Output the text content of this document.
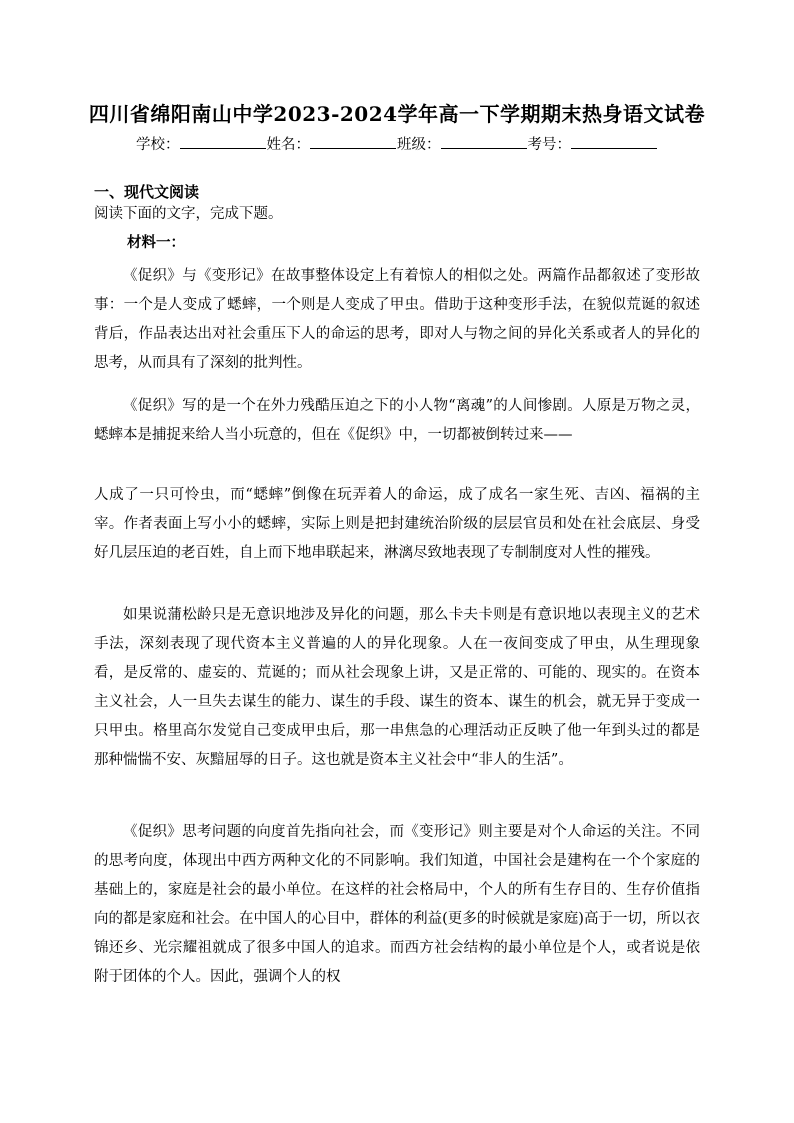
四川省绵阳南山中学2023-2024学年高一下学期期末热身语文试卷
学校：	姓名：	班级：	考号：
一、现代文阅读
阅读下面的文字，完成下题。
材料一：
《促织》与《变形记》在故事整体设定上有着惊人的相似之处。两篇作品都叙述了变形故事：一个是人变成了蟋蟀，一个则是人变成了甲虫。借助于这种变形手法，在貌似荒诞的叙述背后，作品表达出对社会重压下人的命运的思考，即对人与物之间的异化关系或者人的异化的思考，从而具有了深刻的批判性。
《促织》写的是一个在外力残酷压迫之下的小人物“离魂”的人间惨剧。人原是万物之灵，蟋蟀本是捕捉来给人当小玩意的，但在《促织》中，一切都被倒转过来——
人成了一只可怜虫，而“蟋蟀”倒像在玩弄着人的命运，成了成名一家生死、吉凶、福祸的主宰。作者表面上写小小的蟋蟀，实际上则是把封建统治阶级的层层官员和处在社会底层、身受好几层压迫的老百姓，自上而下地串联起来，淋漓尽致地表现了专制制度对人性的摧残。
如果说蒲松龄只是无意识地涉及异化的问题，那么卡夫卡则是有意识地以表现主义的艺术手法，深刻表现了现代资本主义普遍的人的异化现象。人在一夜间变成了甲虫，从生理现象看，是反常的、虚妄的、荒诞的；而从社会现象上讲，又是正常的、可能的、现实的。在资本主义社会，人一旦失去谋生的能力、谋生的手段、谋生的资本、谋生的机会，就无异于变成一只甲虫。格里高尔发觉自己变成甲虫后，那一串焦急的心理活动正反映了他一年到头过的都是那种惴惴不安、灰黯屈辱的日子。这也就是资本主义社会中“非人的生活”。
《促织》思考问题的向度首先指向社会，而《变形记》则主要是对个人命运的关注。不同的思考向度，体现出中西方两种文化的不同影响。我们知道，中国社会是建构在一个个家庭的基础上的，家庭是社会的最小单位。在这样的社会格局中，个人的所有生存目的、生存价值指向的都是家庭和社会。在中国人的心目中，群体的利益(更多的时候就是家庭)高于一切，所以衣锦还乡、光宗耀祖就成了很多中国人的追求。而西方社会结构的最小单位是个人，或者说是依附于团体的个人。因此，强调个人的权
